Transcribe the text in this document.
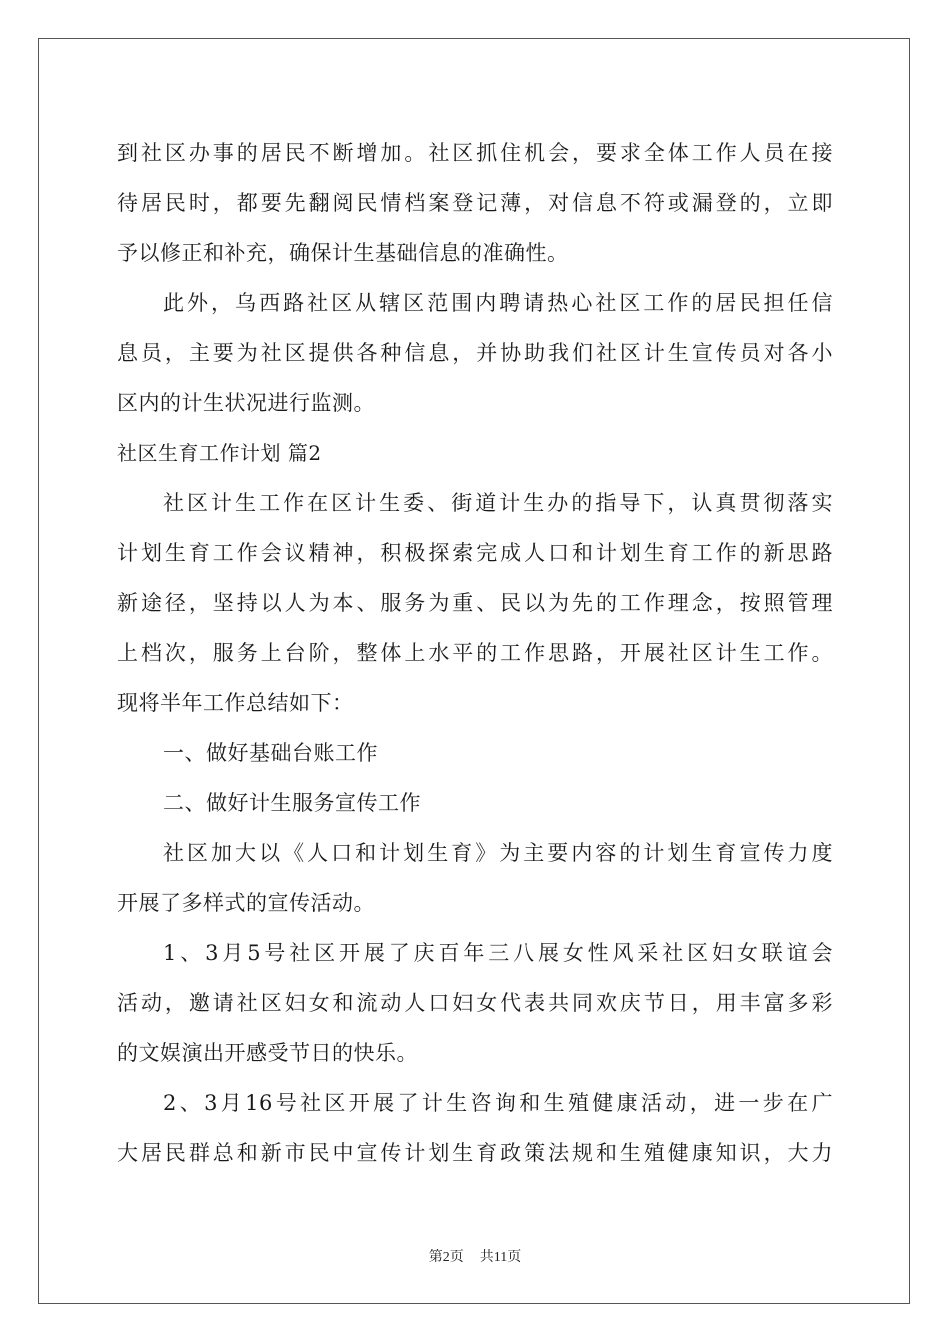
到社区办事的居民不断增加。社区抓住机会，要求全体工作人员在接
待居民时，都要先翻阅民情档案登记薄，对信息不符或漏登的，立即
予以修正和补充，确保计生基础信息的准确性。
此外，乌西路社区从辖区范围内聘请热心社区工作的居民担任信
息员，主要为社区提供各种信息，并协助我们社区计生宣传员对各小
区内的计生状况进行监测。
社区生育工作计划 篇2
社区计生工作在区计生委、街道计生办的指导下，认真贯彻落实
计划生育工作会议精神，积极探索完成人口和计划生育工作的新思路
新途径，坚持以人为本、服务为重、民以为先的工作理念，按照管理
上档次，服务上台阶，整体上水平的工作思路，开展社区计生工作。
现将半年工作总结如下：
一、做好基础台账工作
二、做好计生服务宣传工作
社区加大以《人口和计划生育》为主要内容的计划生育宣传力度
开展了多样式的宣传活动。
1、3月5号社区开展了庆百年三八展女性风采社区妇女联谊会
活动，邀请社区妇女和流动人口妇女代表共同欢庆节日，用丰富多彩
的文娱演出开感受节日的快乐。
2、3月16号社区开展了计生咨询和生殖健康活动，进一步在广
大居民群总和新市民中宣传计划生育政策法规和生殖健康知识，大力
第2页 共11页
